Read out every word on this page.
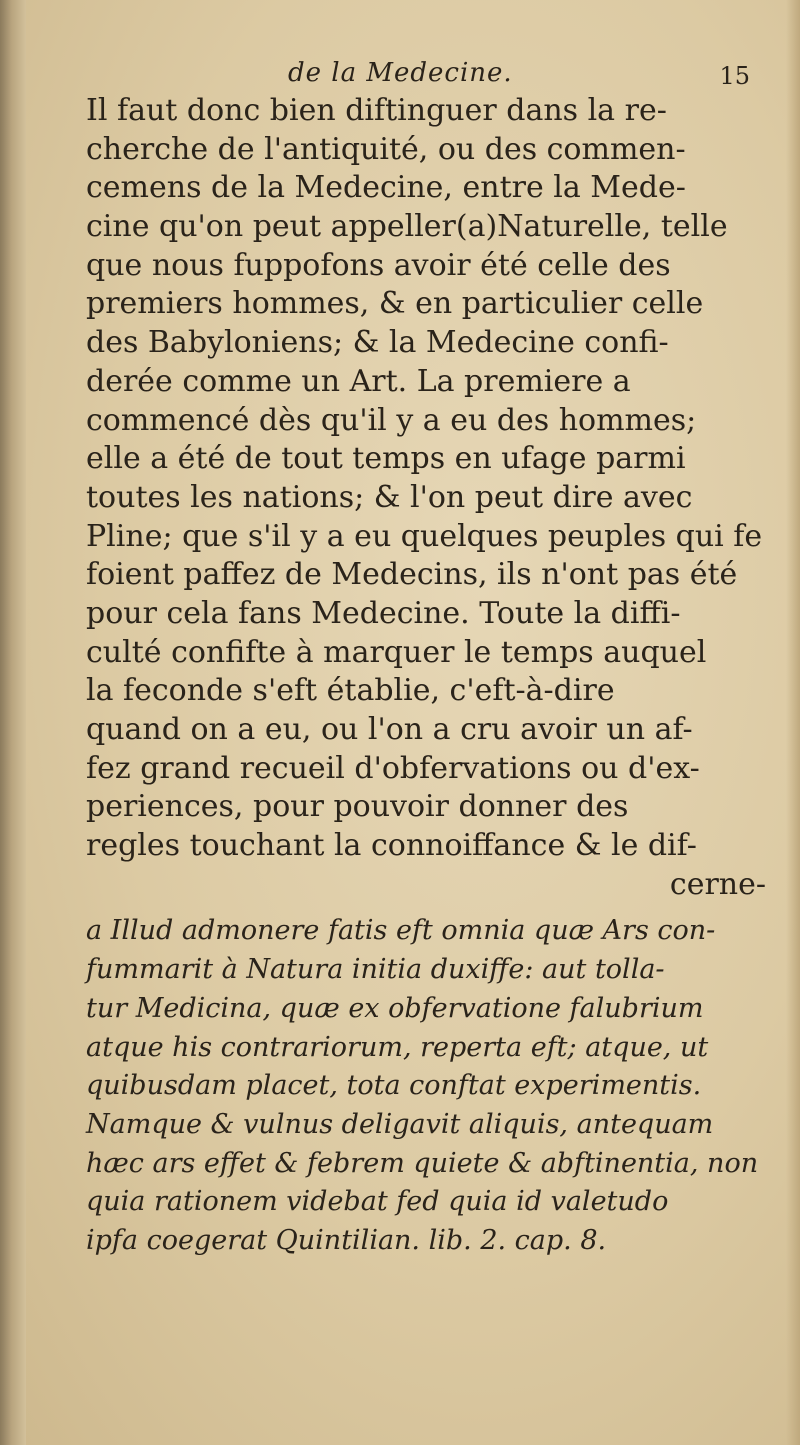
de la Medecine.	15
Il faut donc bien diftinguer dans la re-
cherche de l'antiquité, ou des commen-
cemens de la Medecine, entre la Mede-
cine qu'on peut appeller(a)Naturelle, telle
que nous fuppofons avoir été celle des
premiers hommes, & en particulier celle
des Babyloniens; & la Medecine confi-
derée comme un Art. La premiere a
commencé dès qu'il y a eu des hommes;
elle a été de tout temps en ufage parmi
toutes les nations; & l'on peut dire avec
Pline; que s'il y a eu quelques peuples qui fe
foient paffez de Medecins, ils n'ont pas été
pour cela fans Medecine. Toute la diffi-
culté confifte à marquer le temps auquel
la feconde s'eft établie, c'eft-à-dire
quand on a eu, ou l'on a cru avoir un af-
fez grand recueil d'obfervations ou d'ex-
periences, pour pouvoir donner des
regles touchant la connoiffance & le dif-
cerne-
a Illud admonere fatis eft omnia quæ Ars con-
fummarit à Natura initia duxiffe: aut tolla-
tur Medicina, quæ ex obfervatione falubrium
atque his contrariorum, reperta eft; atque, ut
quibusdam placet, tota conftat experimentis.
Namque & vulnus deligavit aliquis, antequam
hæc ars effet & febrem quiete & abftinentia, non
quia rationem videbat fed quia id valetudo
ipfa coegerat Quintilian. lib. 2. cap. 8.
